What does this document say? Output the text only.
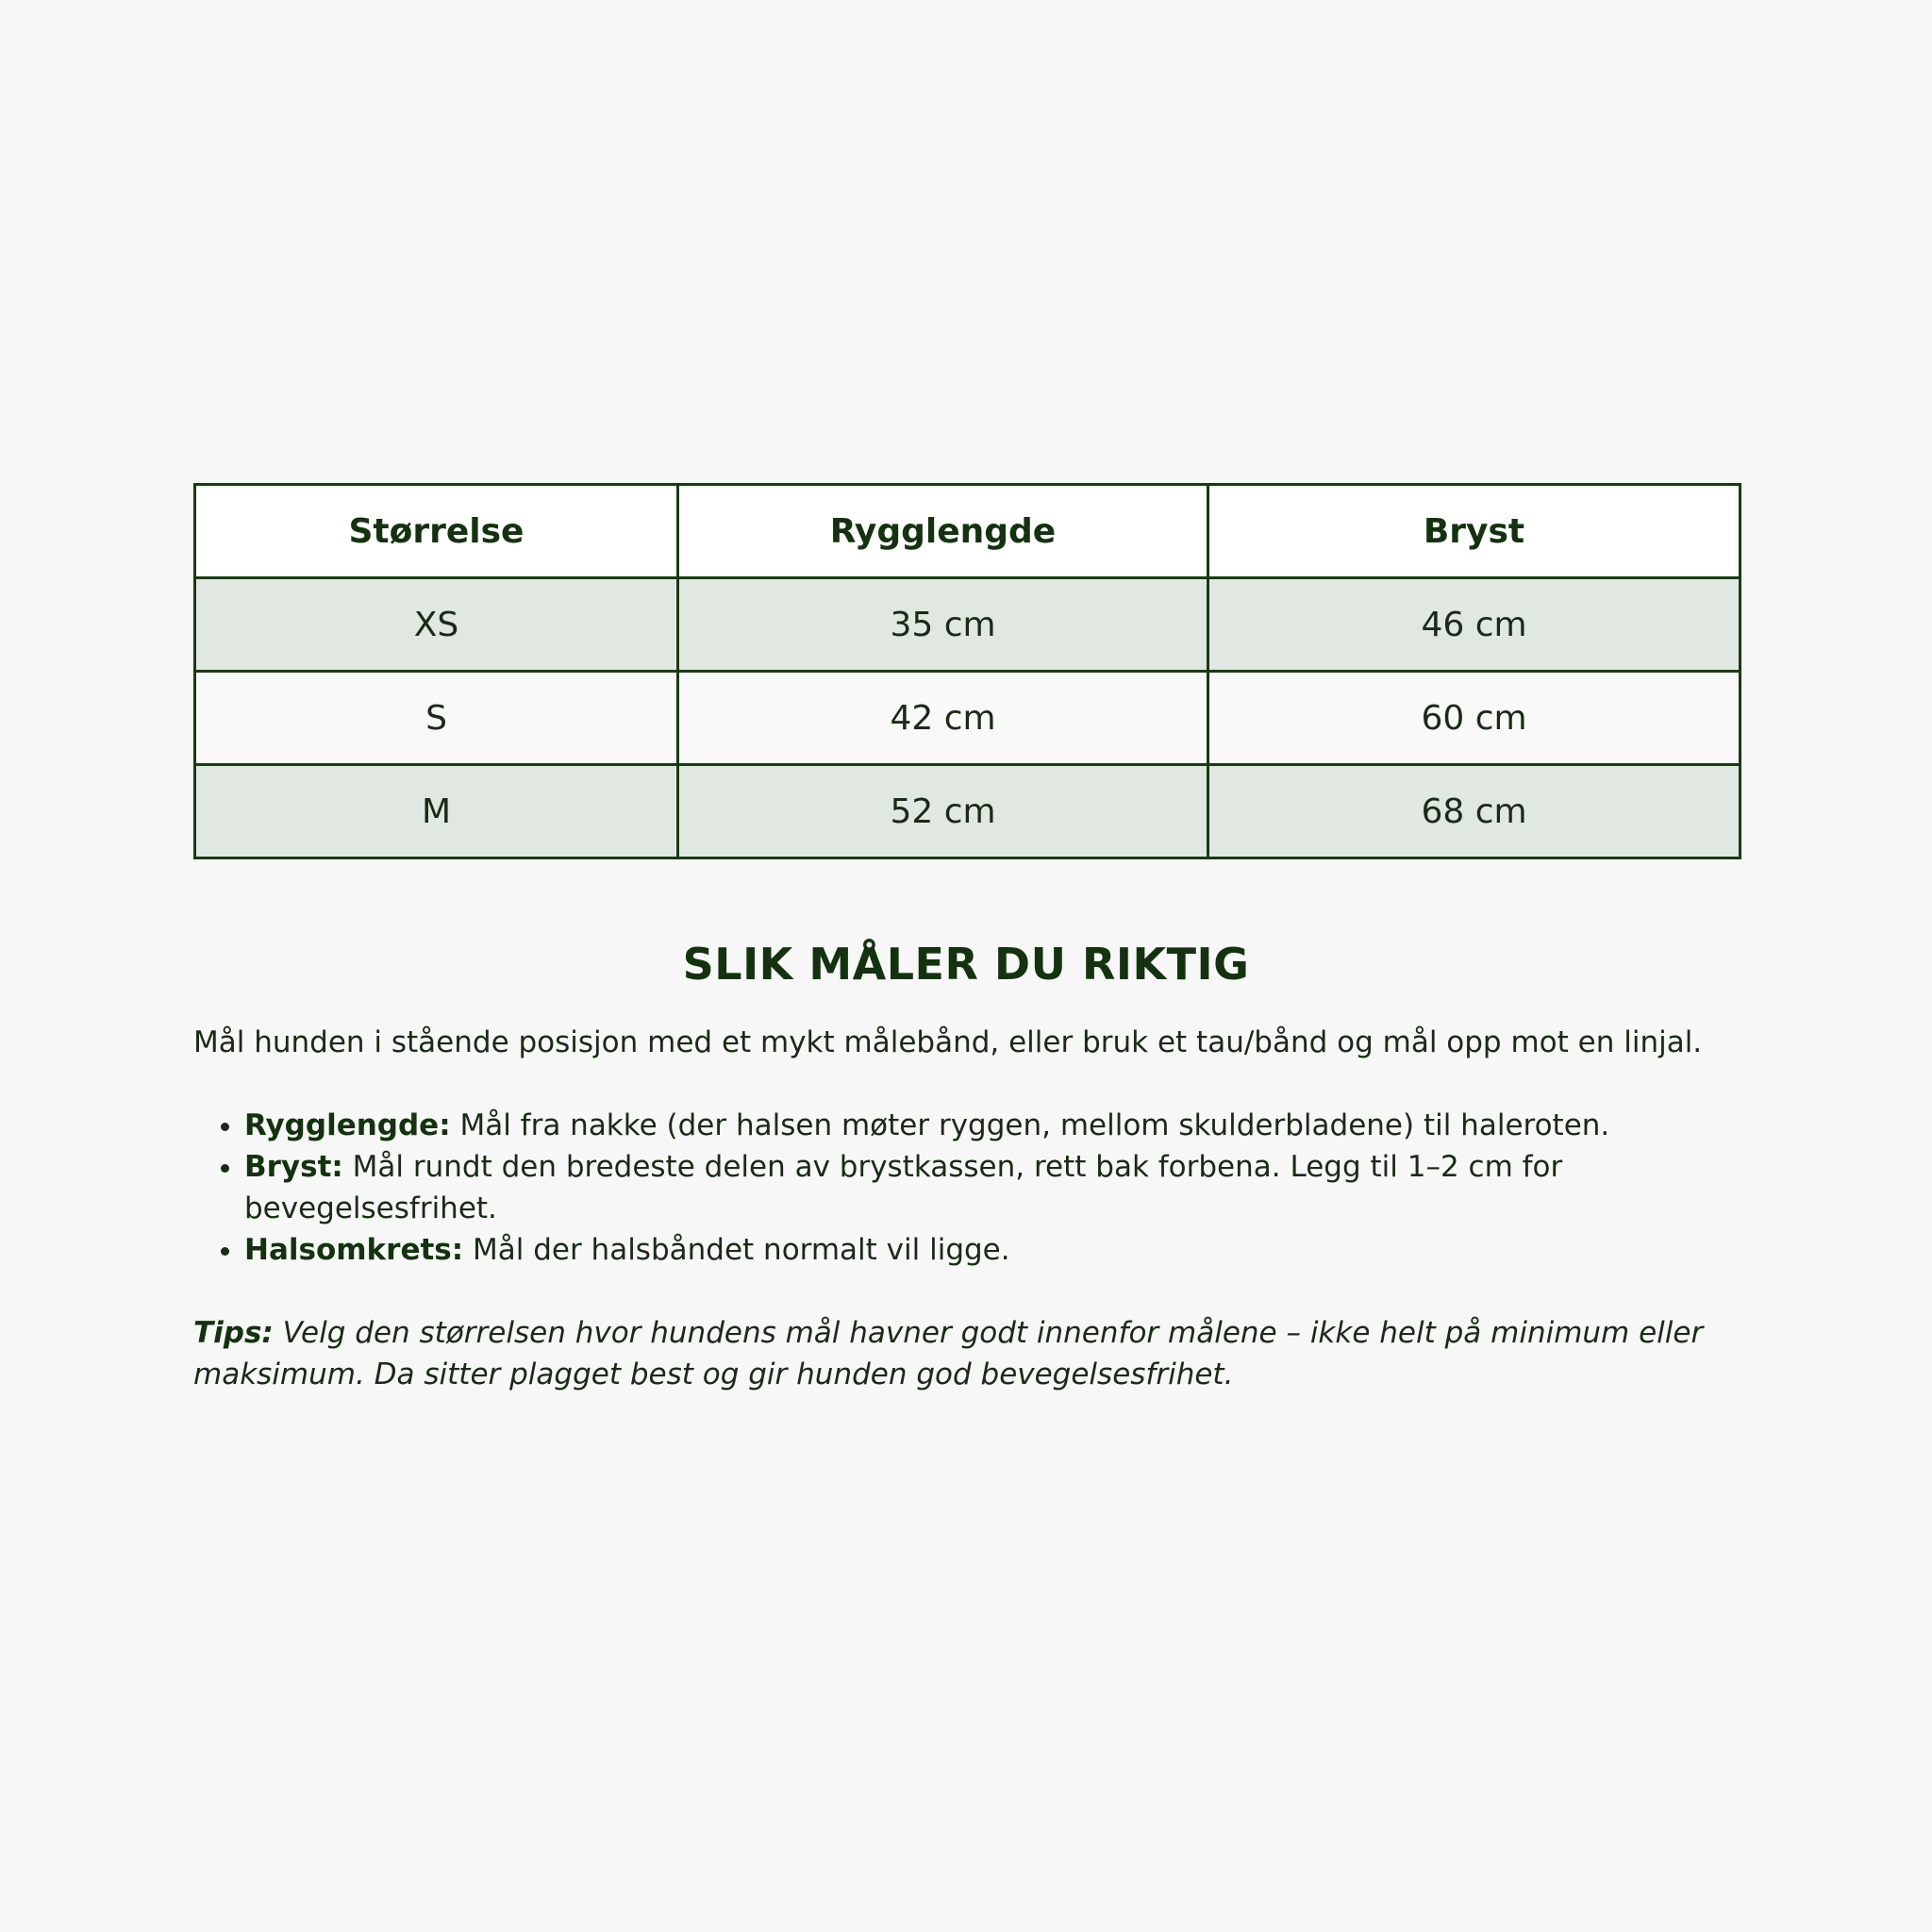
Størrelse	Rygglengde	Bryst
XS	35 cm	46 cm
S	42 cm	60 cm
M	52 cm	68 cm
SLIK MÅLER DU RIKTIG

Mål hunden i stående posisjon med et mykt målebånd, eller bruk et tau/bånd og mål opp mot en linjal.

• Rygglengde: Mål fra nakke (der halsen møter ryggen, mellom skulderbladene) til haleroten.
• Bryst: Mål rundt den bredeste delen av brystkassen, rett bak forbena. Legg til 1–2 cm for bevegelsesfrihet.
• Halsomkrets: Mål der halsbåndet normalt vil ligge.

Tips: Velg den størrelsen hvor hundens mål havner godt innenfor målene – ikke helt på minimum eller maksimum. Da sitter plagget best og gir hunden god bevegelsesfrihet.
